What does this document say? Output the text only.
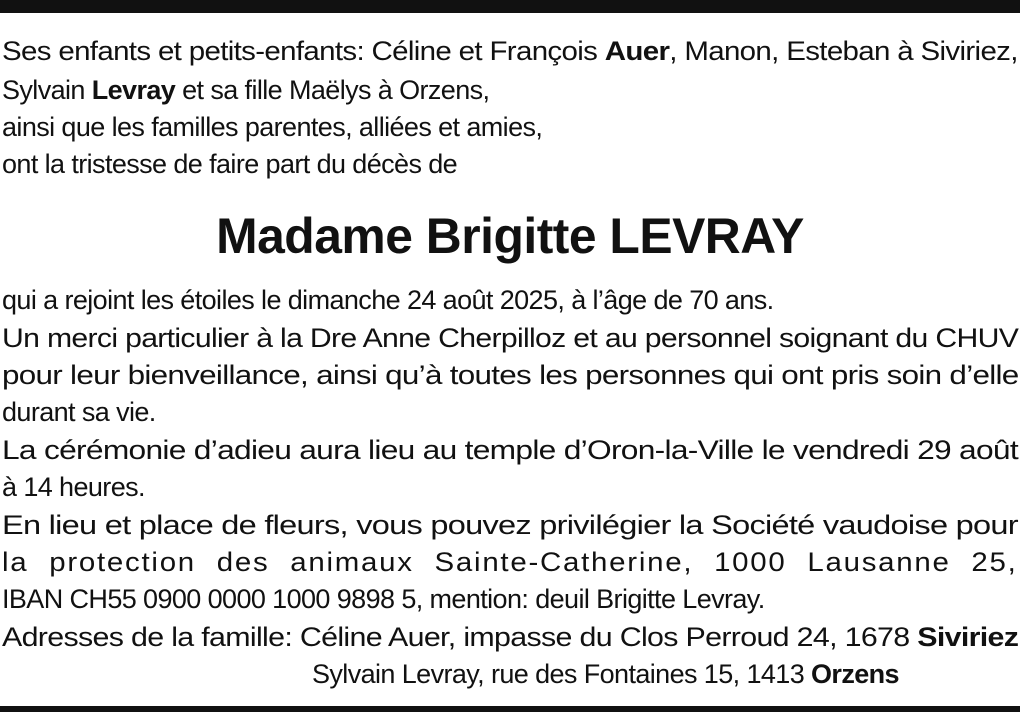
Ses enfants et petits-enfants: Céline et François Auer, Manon, Esteban à Siviriez,
Sylvain Levray et sa fille Maëlys à Orzens,
ainsi que les familles parentes, alliées et amies,
ont la tristesse de faire part du décès de
Madame Brigitte LEVRAY
qui a rejoint les étoiles le dimanche 24 août 2025, à l’âge de 70 ans.
Un merci particulier à la Dre Anne Cherpilloz et au personnel soignant du CHUV
pour leur bienveillance, ainsi qu’à toutes les personnes qui ont pris soin d’elle
durant sa vie.
La cérémonie d’adieu aura lieu au temple d’Oron-la-Ville le vendredi 29 août
à 14 heures.
En lieu et place de fleurs, vous pouvez privilégier la Société vaudoise pour
la protection des animaux Sainte-Catherine, 1000 Lausanne 25,
IBAN CH55 0900 0000 1000 9898 5, mention: deuil Brigitte Levray.
Adresses de la famille: Céline Auer, impasse du Clos Perroud 24, 1678 Siviriez
Sylvain Levray, rue des Fontaines 15, 1413 Orzens
